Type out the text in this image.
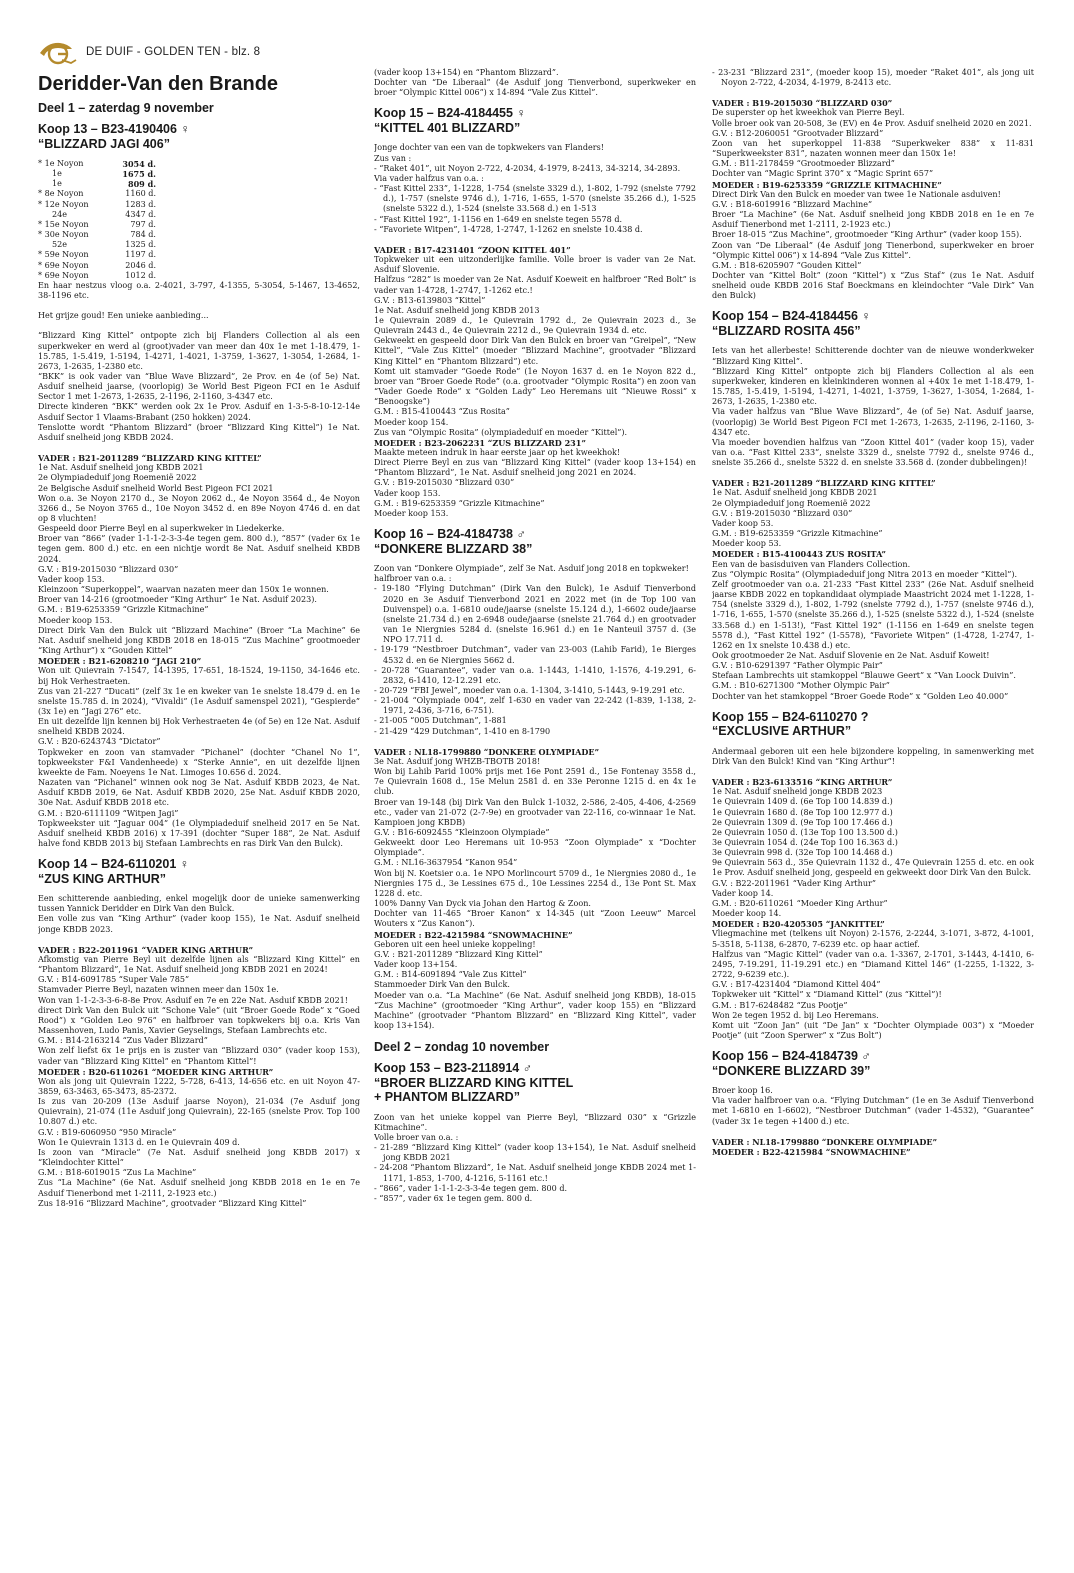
DE DUIF - GOLDEN TEN - blz. 8
Deridder-Van den Brande
Deel 1 – zaterdag 9 november
Koop 13 – B23-4190406 ♀
“BLIZZARD JAGI 406”
* 1e Noyon	3054 d.
1e	1675 d.
1e	809 d.
* 8e Noyon	1160 d.
* 12e Noyon	1283 d.
24e	4347 d.
* 15e Noyon	797 d.
* 30e Noyon	784 d.
52e	1325 d.
* 59e Noyon	1197 d.
* 69e Noyon	2046 d.
* 69e Noyon	1012 d.

En haar nestzus vloog o.a. 2-4021, 3-797, 4-1355, 5-3054, 5-1467, 13-4652, 38-1196 etc.

Het grijze goud! Een unieke aanbieding...

“Blizzard King Kittel” ontpopte zich bij Flanders Collection al als een superkweker en werd al (groot)vader van meer dan 40x 1e met 1-18.479, 1-15.785, 1-5.419, 1-5194, 1-4271, 1-4021, 1-3759, 1-3627, 1-3054, 1-2684, 1-2673, 1-2635, 1-2380 etc.

“BKK” is ook vader van “Blue Wave Blizzard”, 2e Prov. en 4e (of 5e) Nat. Asduif snelheid jaarse, (voorlopig) 3e World Best Pigeon FCI en 1e Asduif Sector 1 met 1-2673, 1-2635, 2-1196, 2-1160, 3-4347 etc.

Directe kinderen “BKK” werden ook 2x 1e Prov. Asduif en 1-3-5-8-10-12-14e Asduif Sector 1 Vlaams-Brabant (250 hokken) 2024.

Tenslotte wordt “Phantom Blizzard” (broer “Blizzard King Kittel”) 1e Nat. Asduif snelheid jong KBDB 2024.

VADER : B21-2011289 “BLIZZARD KING KITTEL”

1e Nat. Asduif snelheid jong KBDB 2021

2e Olympiadeduif jong Roemenië 2022

2e Belgische Asduif snelheid World Best Pigeon FCI 2021

Won o.a. 3e Noyon 2170 d., 3e Noyon 2062 d., 4e Noyon 3564 d., 4e Noyon 3266 d., 5e Noyon 3765 d., 10e Noyon 3452 d. en 89e Noyon 4746 d. en dat op 8 vluchten!

Gespeeld door Pierre Beyl en al superkweker in Liedekerke.

Broer van “866” (vader 1-1-1-2-3-3-4e tegen gem. 800 d.), “857” (vader 6x 1e tegen gem. 800 d.) etc. en een nichtje wordt 8e Nat. Asduif snelheid KBDB 2024.

G.V. : B19-2015030 “Blizzard 030”

Vader koop 153.

Kleinzoon “Superkoppel”, waarvan nazaten meer dan 150x 1e wonnen.

Broer van 14-216 (grootmoeder “King Arthur” 1e Nat. Asduif 2023).

G.M. : B19-6253359 “Grizzle Kitmachine”

Moeder koop 153.

Direct Dirk Van den Bulck uit “Blizzard Machine” (Broer “La Machine” 6e Nat. Asduif snelheid jong KBDB 2018 en 18-015 “Zus Machine” grootmoeder “King Arthur”) x “Gouden Kittel”

MOEDER : B21-6208210 “JAGI 210”

Won uit Quievrain 7-1547, 14-1395, 17-651, 18-1524, 19-1150, 34-1646 etc. bij Hok Verhestraeten.

Zus van 21-227 “Ducati” (zelf 3x 1e en kweker van 1e snelste 18.479 d. en 1e snelste 15.785 d. in 2024), “Vivaldi” (1e Asduif samenspel 2021), “Gespierde” (3x 1e) en “Jagi 276” etc.

En uit dezelfde lijn kennen bij Hok Verhestraeten 4e (of 5e) en 12e Nat. Asduif snelheid KBDB 2024.

G.V. : B20-6243743 “Dictator”

Topkweker en zoon van stamvader “Pichanel” (dochter “Chanel No 1”, topkweekster F&I Vandenheede) x “Sterke Annie”, en uit dezelfde lijnen kweekte de Fam. Noeyens 1e Nat. Limoges 10.656 d. 2024.

Nazaten van “Pichanel” winnen ook nog 3e Nat. Asduif KBDB 2023, 4e Nat. Asduif KBDB 2019, 6e Nat. Asduif KBDB 2020, 25e Nat. Asduif KBDB 2020, 30e Nat. Asduif KBDB 2018 etc.

G.M. : B20-6111109 “Witpen Jagi”

Topkweekster uit “Jaguar 004” (1e Olympiadeduif snelheid 2017 en 5e Nat. Asduif snelheid KBDB 2016) x 17-391 (dochter “Super 188”, 2e Nat. Asduif halve fond KBDB 2013 bij Stefaan Lambrechts en ras Dirk Van den Bulck).

Koop 14 – B24-6110201 ♀
“ZUS KING ARTHUR”

Een schitterende aanbieding, enkel mogelijk door de unieke samenwerking tussen Yannick Deridder en Dirk Van den Bulck.

Een volle zus van “King Arthur” (vader koop 155), 1e Nat. Asduif snelheid jonge KBDB 2023.

VADER : B22-2011961 “VADER KING ARTHUR”

Afkomstig van Pierre Beyl uit dezelfde lijnen als “Blizzard King Kittel” en “Phantom Blizzard”, 1e Nat. Asduif snelheid jong KBDB 2021 en 2024!

G.V. : B14-6091785 “Super Vale 785”

Stamvader Pierre Beyl, nazaten winnen meer dan 150x 1e.

Won van 1-1-2-3-3-6-8-8e Prov. Asduif en 7e en 22e Nat. Asduif KBDB 2021!

direct Dirk Van den Bulck uit “Schone Vale” (uit “Broer Goede Rode” x “Goed Rood”) x “Golden Leo 976” en halfbroer van topkwekers bij o.a. Kris Van Massenhoven, Ludo Panis, Xavier Geyselings, Stefaan Lambrechts etc.

G.M. : B14-2163214 “Zus Vader Blizzard”

Won zelf liefst 6x 1e prijs en is zuster van “Blizzard 030” (vader koop 153), vader van “Blizzard King Kittel” en “Phantom Kittel”!

MOEDER : B20-6110261 “MOEDER KING ARTHUR”

Won als jong uit Quievrain 1222, 5-728, 6-413, 14-656 etc. en uit Noyon 47-3859, 63-3463, 65-3473, 85-2372.

Is zus van 20-209 (13e Asduif jaarse Noyon), 21-034 (7e Asduif jong Quievrain), 21-074 (11e Asduif jong Quievrain), 22-165 (snelste Prov. Top 100 10.807 d.) etc.

G.V. : B19-6060950 “950 Miracle”

Won 1e Quievrain 1313 d. en 1e Quievrain 409 d.

Is zoon van “Miracle” (7e Nat. Asduif snelheid jong KBDB 2017) x “Kleindochter Kittel”

G.M. : B18-6019015 “Zus La Machine”

Zus “La Machine” (6e Nat. Asduif snelheid jong KBDB 2018 en 1e en 7e Asduif Tienerbond met 1-2111, 2-1923 etc.)

Zus 18-916 “Blizzard Machine”, grootvader “Blizzard King Kittel”

(vader koop 13+154) en “Phantom Blizzard”.

Dochter van “De Liberaal” (4e Asduif jong Tienverbond, superkweker en broer “Olympic Kittel 006”) x 14-894 “Vale Zus Kittel”.

Koop 15 – B24-4184455 ♀
“KITTEL 401 BLIZZARD”

Jonge dochter van een van de topkwekers van Flanders!

Zus van :

- “Raket 401”, uit Noyon 2-722, 4-2034, 4-1979, 8-2413, 34-3214, 34-2893.

Via vader halfzus van o.a. :

- “Fast Kittel 233”, 1-1228, 1-754 (snelste 3329 d.), 1-802, 1-792 (snelste 7792 d.), 1-757 (snelste 9746 d.), 1-716, 1-655, 1-570 (snelste 35.266 d.), 1-525 (snelste 5322 d.), 1-524 (snelste 33.568 d.) en 1-513

- “Fast Kittel 192”, 1-1156 en 1-649 en snelste tegen 5578 d.

- “Favoriete Witpen”, 1-4728, 1-2747, 1-1262 en snelste 10.438 d.

VADER : B17-4231401 “ZOON KITTEL 401”

Topkweker uit een uitzonderlijke familie. Volle broer is vader van 2e Nat. Asduif Slovenie.

Halfzus “282” is moeder van 2e Nat. Asduif Koeweit en halfbroer “Red Bolt” is vader van 1-4728, 1-2747, 1-1262 etc.!

G.V. : B13-6139803 “Kittel”

1e Nat. Asduif snelheid jong KBDB 2013

1e Quievrain 2089 d., 1e Quievrain 1792 d., 2e Quievrain 2023 d., 3e Quievrain 2443 d., 4e Quievrain 2212 d., 9e Quievrain 1934 d. etc.

Gekweekt en gespeeld door Dirk Van den Bulck en broer van “Greipel”, “New Kittel”, “Vale Zus Kittel” (moeder “Blizzard Machine”, grootvader “Blizzard King Kittel” en “Phantom Blizzard”) etc.

Komt uit stamvader “Goede Rode” (1e Noyon 1637 d. en 1e Noyon 822 d., broer van “Broer Goede Rode” (o.a. grootvader “Olympic Rosita”) en zoon van “Vader Goede Rode” x “Golden Lady” Leo Heremans uit “Nieuwe Rossi” x “Benoogske”)

G.M. : B15-4100443 “Zus Rosita”

Moeder koop 154.

Zus van “Olympic Rosita” (olympiadeduif en moeder “Kittel”).

MOEDER : B23-2062231 “ZUS BLIZZARD 231”

Maakte meteen indruk in haar eerste jaar op het kweekhok!

Direct Pierre Beyl en zus van “Blizzard King Kittel” (vader koop 13+154) en “Phantom Blizzard”, 1e Nat. Asduif snelheid jong 2021 en 2024.

G.V. : B19-2015030 “Blizzard 030”

Vader koop 153.

G.M. : B19-6253359 “Grizzle Kitmachine”

Moeder koop 153.

Koop 16 – B24-4184738 ♂
“DONKERE BLIZZARD 38”

Zoon van “Donkere Olympiade”, zelf 3e Nat. Asduif jong 2018 en topkweker!

halfbroer van o.a. :

- 19-180 “Flying Dutchman” (Dirk Van den Bulck), 1e Asduif Tienverbond 2020 en 3e Asduif Tienverbond 2021 en 2022 met (in de Top 100 van Duivenspel) o.a. 1-6810 oude/jaarse (snelste 15.124 d.), 1-6602 oude/jaarse (snelste 21.734 d.) en 2-6948 oude/jaarse (snelste 21.764 d.) en grootvader van 1e Niergnies 5284 d. (snelste 16.961 d.) en 1e Nanteuil 3757 d. (3e NPO 17.711 d.

- 19-179 “Nestbroer Dutchman”, vader van 23-003 (Lahib Farid), 1e Bierges 4532 d. en 6e Niergnies 5662 d.

- 20-728 “Guarantee”, vader van o.a. 1-1443, 1-1410, 1-1576, 4-19.291, 6-2832, 6-1410, 12-12.291 etc.

- 20-729 “FBI Jewel”, moeder van o.a. 1-1304, 3-1410, 5-1443, 9-19.291 etc.

- 21-004 “Olympiade 004”, zelf 1-630 en vader van 22-242 (1-839, 1-138, 2-1971, 2-436, 3-716, 6-751).

- 21-005 “005 Dutchman”, 1-881

- 21-429 “429 Dutchman”, 1-410 en 8-1790

VADER : NL18-1799880 “DONKERE OLYMPIADE”

3e Nat. Asduif jong WHZB-TBOTB 2018!

Won bij Lahib Parid 100% prijs met 16e Pont 2591 d., 15e Fontenay 3558 d., 7e Quievrain 1608 d., 15e Melun 2581 d. en 33e Peronne 1215 d. en 4x 1e club.

Broer van 19-148 (bij Dirk Van den Bulck 1-1032, 2-586, 2-405, 4-406, 4-2569 etc., vader van 21-072 (2-7-9e) en grootvader van 22-116, co-winnaar 1e Nat. Kampioen jong KBDB)

G.V. : B16-6092455 “Kleinzoon Olympiade”

Gekweekt door Leo Heremans uit 10-953 “Zoon Olympiade” x “Dochter Olympiade”.

G.M. : NL16-3637954 “Kanon 954”

Won bij N. Koetsier o.a. 1e NPO Morlincourt 5709 d., 1e Niergnies 2080 d., 1e Niergnies 175 d., 3e Lessines 675 d., 10e Lessines 2254 d., 13e Pont St. Max 1228 d. etc.

100% Danny Van Dyck via Johan den Hartog & Zoon.

Dochter van 11-465 “Broer Kanon” x 14-345 (uit “Zoon Leeuw” Marcel Wouters x “Zus Kanon”).

MOEDER : B22-4215984 “SNOWMACHINE”

Geboren uit een heel unieke koppeling!

G.V. : B21-2011289 “Blizzard King Kittel”

Vader koop 13+154.

G.M. : B14-6091894 “Vale Zus Kittel”

Stammoeder Dirk Van den Bulck.

Moeder van o.a. “La Machine” (6e Nat. Asduif snelheid jong KBDB), 18-015 “Zus Machine” (grootmoeder “King Arthur”, vader koop 155) en “Blizzard Machine” (grootvader “Phantom Blizzard” en “Blizzard King Kittel”, vader koop 13+154).

Deel 2 – zondag 10 november
Koop 153 – B23-2118914 ♂
“BROER BLIZZARD KING KITTEL
+ PHANTOM BLIZZARD”

Zoon van het unieke koppel van Pierre Beyl, “Blizzard 030” x “Grizzle Kitmachine”.

Volle broer van o.a. :

- 21-289 “Blizzard King Kittel” (vader koop 13+154), 1e Nat. Asduif snelheid jong KBDB 2021

- 24-208 “Phantom Blizzard”, 1e Nat. Asduif snelheid jonge KBDB 2024 met 1-1171, 1-853, 1-700, 4-1216, 5-1161 etc.!

- “866”, vader 1-1-1-2-3-3-4e tegen gem. 800 d.

- “857”, vader 6x 1e tegen gem. 800 d.

- 23-231 “Blizzard 231”, (moeder koop 15), moeder “Raket 401”, als jong uit Noyon 2-722, 4-2034, 4-1979, 8-2413 etc.

VADER : B19-2015030 “BLIZZARD 030”

De superster op het kweekhok van Pierre Beyl.

Volle broer ook van 20-508, 3e (EV) en 4e Prov. Asduif snelheid 2020 en 2021.

G.V. : B12-2060051 “Grootvader Blizzard”

Zoon van het superkoppel 11-838 “Superkweker 838” x 11-831 “Superkweekster 831”, nazaten wonnen meer dan 150x 1e!

G.M. : B11-2178459 “Grootmoeder Blizzard”

Dochter van “Magic Sprint 370” x “Magic Sprint 657”

MOEDER : B19-6253359 “GRIZZLE KITMACHINE”

Direct Dirk Van den Bulck en moeder van twee 1e Nationale asduiven!

G.V. : B18-6019916 “Blizzard Machine”

Broer “La Machine” (6e Nat. Asduif snelheid jong KBDB 2018 en 1e en 7e Asduif Tienerbond met 1-2111, 2-1923 etc.)

Broer 18-015 “Zus Machine”, grootmoeder “King Arthur” (vader koop 155).

Zoon van “De Liberaal” (4e Asduif jong Tienerbond, superkweker en broer “Olympic Kittel 006”) x 14-894 “Vale Zus Kittel”.

G.M. : B18-6205907 “Gouden Kittel”

Dochter van “Kittel Bolt” (zoon “Kittel”) x “Zus Staf” (zus 1e Nat. Asduif snelheid oude KBDB 2016 Staf Boeckmans en kleindochter “Vale Dirk” Van den Bulck)

Koop 154 – B24-4184456 ♀
“BLIZZARD ROSITA 456”

Iets van het allerbeste! Schitterende dochter van de nieuwe wonderkweker “Blizzard King Kittel”.

“Blizzard King Kittel” ontpopte zich bij Flanders Collection al als een superkweker, kinderen en kleinkinderen wonnen al +40x 1e met 1-18.479, 1-15.785, 1-5.419, 1-5194, 1-4271, 1-4021, 1-3759, 1-3627, 1-3054, 1-2684, 1-2673, 1-2635, 1-2380 etc.

Via vader halfzus van “Blue Wave Blizzard”, 4e (of 5e) Nat. Asduif jaarse, (voorlopig) 3e World Best Pigeon FCI met 1-2673, 1-2635, 2-1196, 2-1160, 3-4347 etc.

Via moeder bovendien halfzus van “Zoon Kittel 401” (vader koop 15), vader van o.a. “Fast Kittel 233”, snelste 3329 d., snelste 7792 d., snelste 9746 d., snelste 35.266 d., snelste 5322 d. en snelste 33.568 d. (zonder dubbelingen)!

VADER : B21-2011289 “BLIZZARD KING KITTEL”

1e Nat. Asduif snelheid jong KBDB 2021

2e Olympiadeduif jong Roemenië 2022

G.V. : B19-2015030 “Blizzard 030”

Vader koop 53.

G.M. : B19-6253359 “Grizzle Kitmachine”

Moeder koop 53.

MOEDER : B15-4100443 ZUS ROSITA”

Een van de basisduiven van Flanders Collection.

Zus “Olympic Rosita” (Olympiadeduif jong Nitra 2013 en moeder “Kittel”).

Zelf grootmoeder van o.a. 21-233 “Fast Kittel 233” (26e Nat. Asduif snelheid jaarse KBDB 2022 en topkandidaat olympiade Maastricht 2024 met 1-1228, 1-754 (snelste 3329 d.), 1-802, 1-792 (snelste 7792 d.), 1-757 (snelste 9746 d.), 1-716, 1-655, 1-570 (snelste 35.266 d.), 1-525 (snelste 5322 d.), 1-524 (snelste 33.568 d.) en 1-513!), “Fast Kittel 192” (1-1156 en 1-649 en snelste tegen 5578 d.), “Fast Kittel 192” (1-5578), “Favoriete Witpen” (1-4728, 1-2747, 1-1262 en 1x snelste 10.438 d.) etc.

Ook grootmoeder 2e Nat. Asduif Slovenie en 2e Nat. Asduif Koweit!

G.V. : B10-6291397 “Father Olympic Pair”

Stefaan Lambrechts uit stamkoppel “Blauwe Geert” x “Van Loock Duivin”.

G.M. : B10-6271300 “Mother Olympic Pair”

Dochter van het stamkoppel “Broer Goede Rode” x “Golden Leo 40.000”

Koop 155 – B24-6110270 ?
“EXCLUSIVE ARTHUR”

Andermaal geboren uit een hele bijzondere koppeling, in samenwerking met Dirk Van den Bulck! Kind van “King Arthur”!

VADER : B23-6133516 “KING ARTHUR”

1e Nat. Asduif snelheid jonge KBDB 2023

1e Quievrain 1409 d. (6e Top 100 14.839 d.)

1e Quievrain 1680 d. (8e Top 100 12.977 d.)

2e Quievrain 1309 d. (9e Top 100 17.466 d.)

2e Quievrain 1050 d. (13e Top 100 13.500 d.)

3e Quievrain 1054 d. (24e Top 100 16.363 d.)

3e Quievrain 998 d. (32e Top 100 14.468 d.)

9e Quievrain 563 d., 35e Quievrain 1132 d., 47e Quievrain 1255 d. etc. en ook 1e Prov. Asduif snelheid jong, gespeeld en gekweekt door Dirk Van den Bulck.

G.V. : B22-2011961 “Vader King Arthur”

Vader koop 14.

G.M. : B20-6110261 “Moeder King Arthur”

Moeder koop 14.

MOEDER : B20-4205305 “JANKITTEL”

Vliegmachine met (telkens uit Noyon) 2-1576, 2-2244, 3-1071, 3-872, 4-1001, 5-3518, 5-1138, 6-2870, 7-6239 etc. op haar actief.

Halfzus van “Magic Kittel” (vader van o.a. 1-3367, 2-1701, 3-1443, 4-1410, 6-2495, 7-19.291, 11-19.291 etc.) en “Diamand Kittel 146” (1-2255, 1-1322, 3-2722, 9-6239 etc.).

G.V. : B17-4231404 “Diamond Kittel 404”

Topkweker uit “Kittel” x “Diamand Kittel” (zus “Kittel”)!

G.M. : B17-6248482 “Zus Pootje”

Won 2e tegen 1952 d. bij Leo Heremans.

Komt uit “Zoon Jan” (uit “De Jan” x “Dochter Olympiade 003”) x “Moeder Pootje” (uit “Zoon Sperwer” x “Zus Bolt”)

Koop 156 – B24-4184739 ♂
“DONKERE BLIZZARD 39”

Broer koop 16.

Via vader halfbroer van o.a. “Flying Dutchman” (1e en 3e Asduif Tienverbond met 1-6810 en 1-6602), “Nestbroer Dutchman” (vader 1-4532), “Guarantee” (vader 3x 1e tegen +1400 d.) etc.

VADER : NL18-1799880 “DONKERE OLYMPIADE”

MOEDER : B22-4215984 “SNOWMACHINE”
